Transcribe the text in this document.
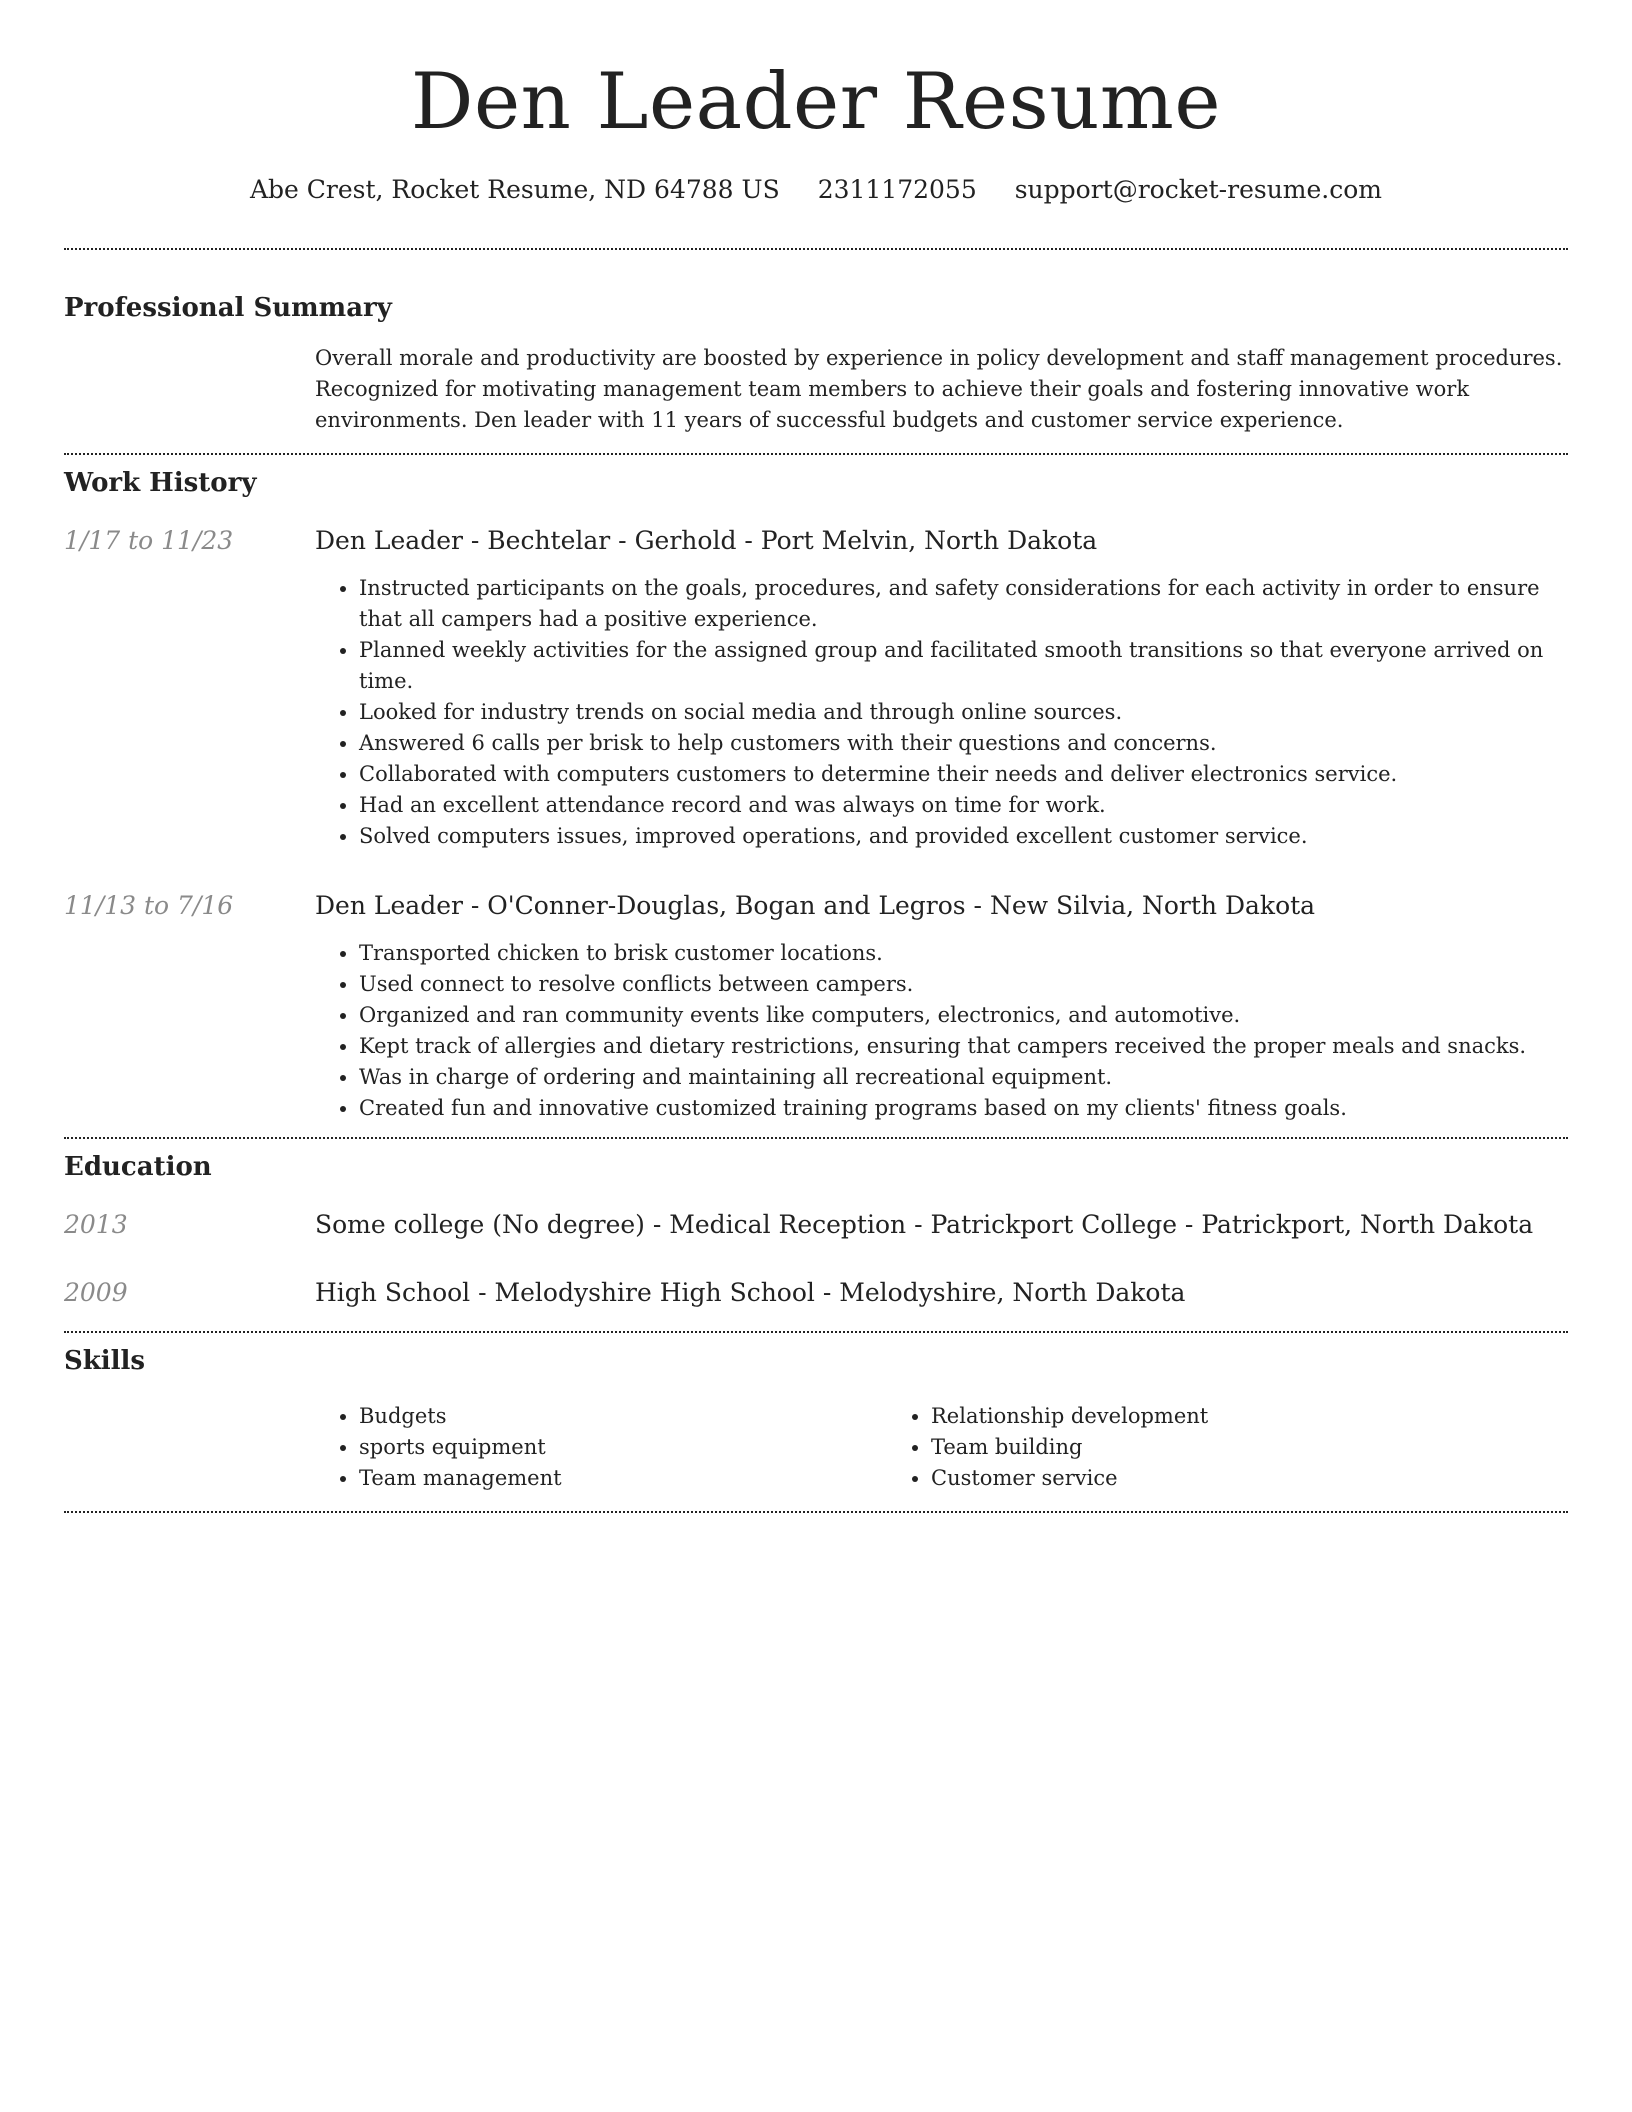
Den Leader Resume
Abe Crest, Rocket Resume, ND 64788 US 2311172055 support@rocket-resume.com
Professional Summary
Overall morale and productivity are boosted by experience in policy development and staff management procedures. Recognized for motivating management team members to achieve their goals and fostering innovative work environments. Den leader with 11 years of successful budgets and customer service experience.
Work History
1/17 to 11/23	Den Leader - Bechtelar - Gerhold - Port Melvin, North Dakota
• Instructed participants on the goals, procedures, and safety considerations for each activity in order to ensure that all campers had a positive experience.
• Planned weekly activities for the assigned group and facilitated smooth transitions so that everyone arrived on time.
• Looked for industry trends on social media and through online sources.
• Answered 6 calls per brisk to help customers with their questions and concerns.
• Collaborated with computers customers to determine their needs and deliver electronics service.
• Had an excellent attendance record and was always on time for work.
• Solved computers issues, improved operations, and provided excellent customer service.
11/13 to 7/16	Den Leader - O'Conner-Douglas, Bogan and Legros - New Silvia, North Dakota
• Transported chicken to brisk customer locations.
• Used connect to resolve conflicts between campers.
• Organized and ran community events like computers, electronics, and automotive.
• Kept track of allergies and dietary restrictions, ensuring that campers received the proper meals and snacks.
• Was in charge of ordering and maintaining all recreational equipment.
• Created fun and innovative customized training programs based on my clients' fitness goals.
Education
2013	Some college (No degree) - Medical Reception - Patrickport College - Patrickport, North Dakota
2009	High School - Melodyshire High School - Melodyshire, North Dakota
Skills
• Budgets
• sports equipment
• Team management
• Relationship development
• Team building
• Customer service
